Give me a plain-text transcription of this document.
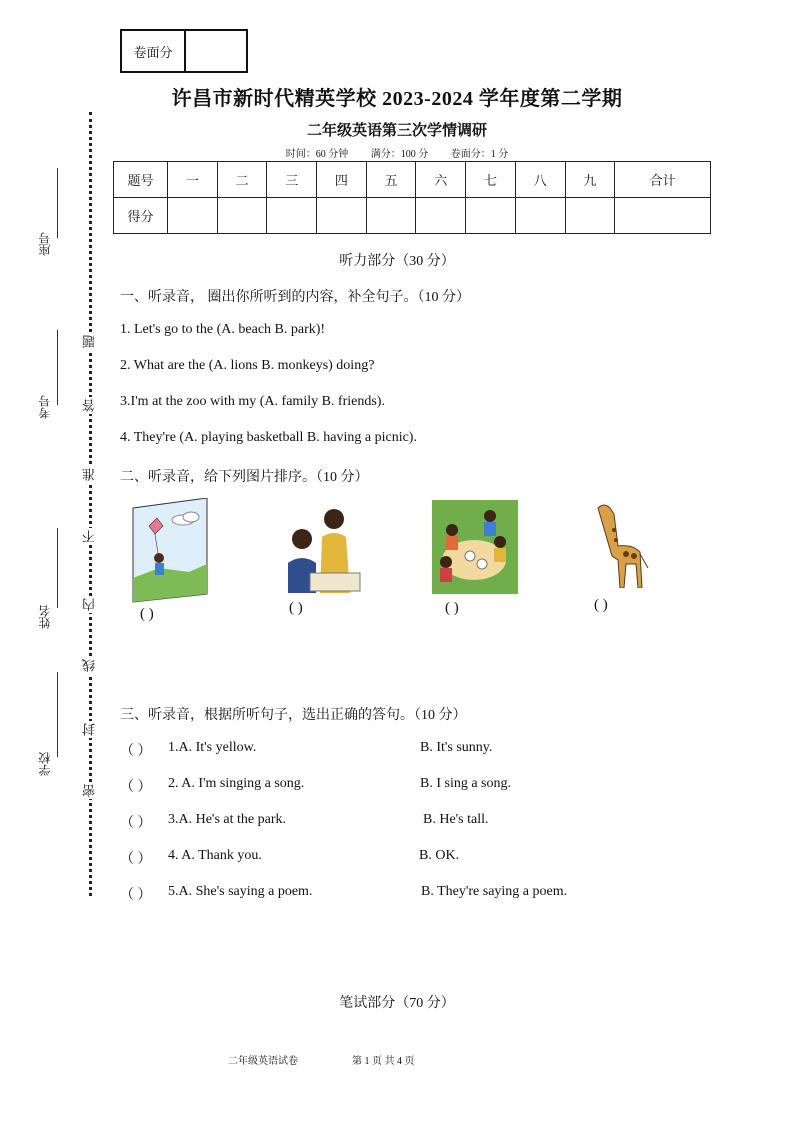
卷面分
许昌市新时代精英学校 2023-2024 学年度第二学期
二年级英语第三次学情调研
时间：60 分钟 满分：100 分 卷面分：1 分
题号	一	二	三	四	五	六	七	八	九	合计
得分										
座号
考号
姓名
学校
题
答
准
不
内
线
封
密
听力部分（30 分）
一、听录音， 圈出你所听到的内容，补全句子。（10 分）
1. Let's go to the (A. beach B. park)!
2. What are the (A. lions B. monkeys) doing?
3.I'm at the zoo with my (A. family B. friends).
4. They're (A. playing basketball B. having a picnic).
二、听录音，给下列图片排序。（10 分）
( )	( )	( )	( )
三、听录音，根据所听句子，选出正确的答句。（10 分）
（ ） 1.A. It's yellow.	B. It's sunny.
（ ） 2. A. I'm singing a song.	B. I sing a song.
（ ） 3.A. He's at the park.	B. He's tall.
（ ） 4. A. Thank you.	B. OK.
（ ） 5.A. She's saying a poem.	B. They're saying a poem.
笔试部分（70 分）
二年级英语试卷	第 1 页 共 4 页
